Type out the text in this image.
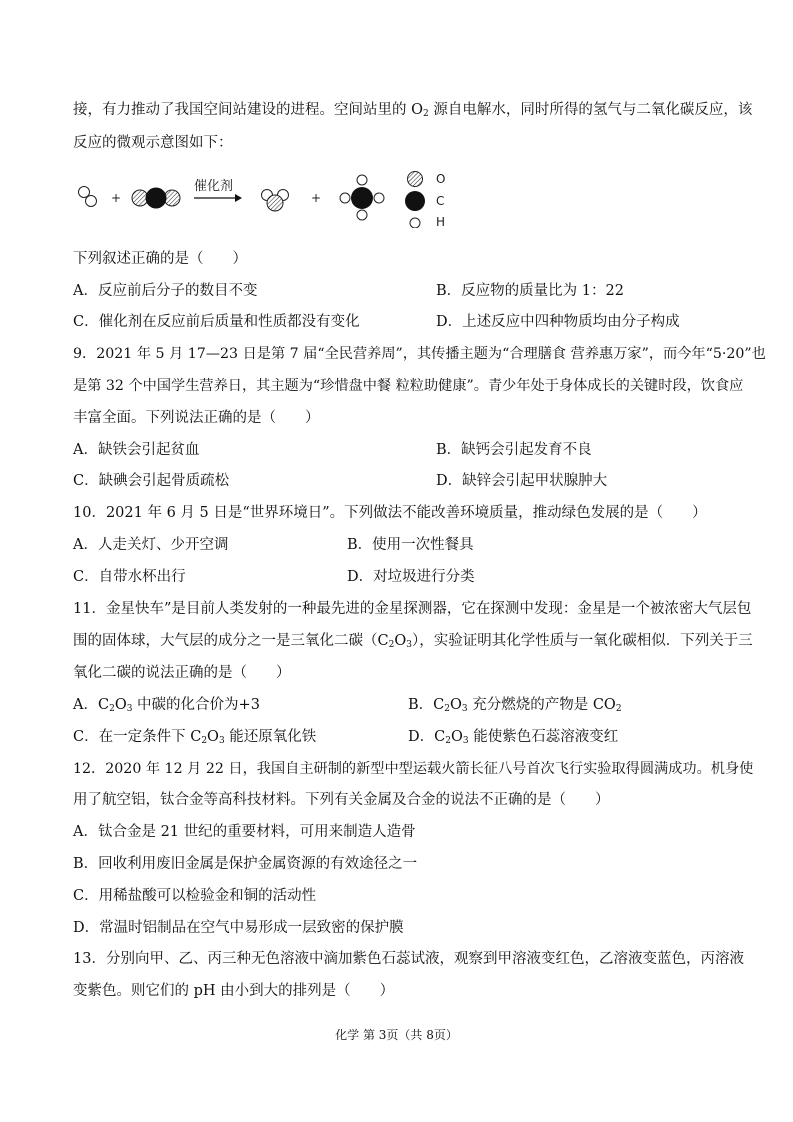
接，有力推动了我国空间站建设的进程。空间站里的 $O_2$ 源自电解水，同时所得的氢气与二氧化碳反应，该
反应的微观示意图如下：
+
催化剂
+
O
C
H
下列叙述正确的是（　　）
A．反应前后分子的数目不变	B．反应物的质量比为 1：22
C．催化剂在反应前后质量和性质都没有变化	D．上述反应中四种物质均由分子构成
9．2021 年 5 月 17—23 日是第 7 届“全民营养周”，其传播主题为“合理膳食 营养惠万家”，而今年“5·20”也
是第 32 个中国学生营养日，其主题为“珍惜盘中餐 粒粒助健康”。青少年处于身体成长的关键时段，饮食应
丰富全面。下列说法正确的是（　　）
A．缺铁会引起贫血	B．缺钙会引起发育不良
C．缺碘会引起骨质疏松	D．缺锌会引起甲状腺肿大
10．2021 年 6 月 5 日是“世界环境日”。下列做法不能改善环境质量，推动绿色发展的是（　　）
A．人走关灯、少开空调	B．使用一次性餐具
C．自带水杯出行	D．对垃圾进行分类
11．金星快车”是目前人类发射的一种最先进的金星探测器，它在探测中发现：金星是一个被浓密大气层包
围的固体球，大气层的成分之一是三氧化二碳$(C_2O_3)$，实验证明其化学性质与一氧化碳相似．下列关于三
氧化二碳的说法正确的是（　　）
A．$C_2O_3$ 中碳的化合价为+3	B．$C_2O_3$ 充分燃烧的产物是 $CO_2$
C．在一定条件下 $C_2O_3$ 能还原氧化铁	D．$C_2O_3$ 能使紫色石蕊溶液变红
12．2020 年 12 月 22 日，我国自主研制的新型中型运载火箭长征八号首次飞行实验取得圆满成功。机身使
用了航空铝，钛合金等高科技材料。下列有关金属及合金的说法不正确的是（　　）
A．钛合金是 21 世纪的重要材料，可用来制造人造骨
B．回收利用废旧金属是保护金属资源的有效途径之一
C．用稀盐酸可以检验金和铜的活动性
D．常温时铝制品在空气中易形成一层致密的保护膜
13．分别向甲、乙、丙三种无色溶液中滴加紫色石蕊试液，观察到甲溶液变红色，乙溶液变蓝色，丙溶液
变紫色。则它们的 pH 由小到大的排列是（　　）
化学 第 3页（共 8页）
